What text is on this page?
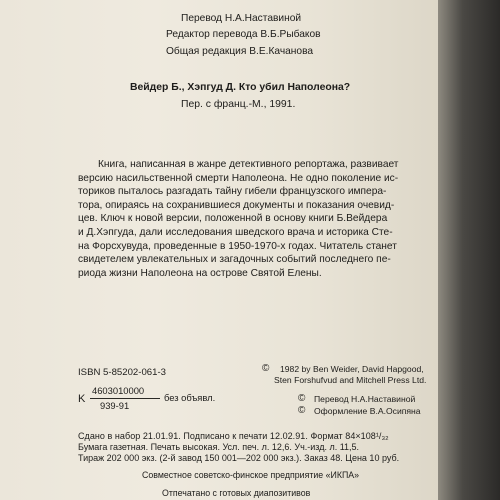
Перевод Н.А.Наставиной
Редактор перевода В.Б.Рыбаков
Общая редакция В.Е.Качанова
Вейдер Б., Хэпгуд Д. Кто убил Наполеона?
Пер. с франц.-М., 1991.
Книга, написанная в жанре детективного репортажа, развивает
версию насильственной смерти Наполеона. Не одно поколение ис-
ториков пыталось разгадать тайну гибели французского импера-
тора, опираясь на сохранившиеся документы и показания очевид-
цев. Ключ к новой версии, положенной в основу книги Б.Вейдера
и Д.Хэпгуда, дали исследования шведского врача и историка Сте-
на Форсхувуда, проведенные в 1950-1970-х годах. Читатель станет
свидетелем увлекательных и загадочных событий последнего пе-
риода жизни Наполеона на острове Святой Елены.
ISBN 5-85202-061-3
K
4603010000
939-91
без объявл.
© 1982 by Ben Weider, David Hapgood,
Sten Forshufvud and Mitchell Press Ltd.
© Перевод Н.А.Наставиной
© Оформление В.А.Осипяна
Сдано в набор 21.01.91. Подписано к печати 12.02.91. Формат 84×108¹/₃₂
Бумага газетная. Печать высокая. Усл. печ. л. 12,6. Уч.-изд. л. 11,5.
Тираж 202 000 экз. (2-й завод 150 001—202 000 экз.). Заказ 48. Цена 10 руб.
Совместное советско-финское предприятие «ИКПА»
Отпечатано с готовых диапозитивов
